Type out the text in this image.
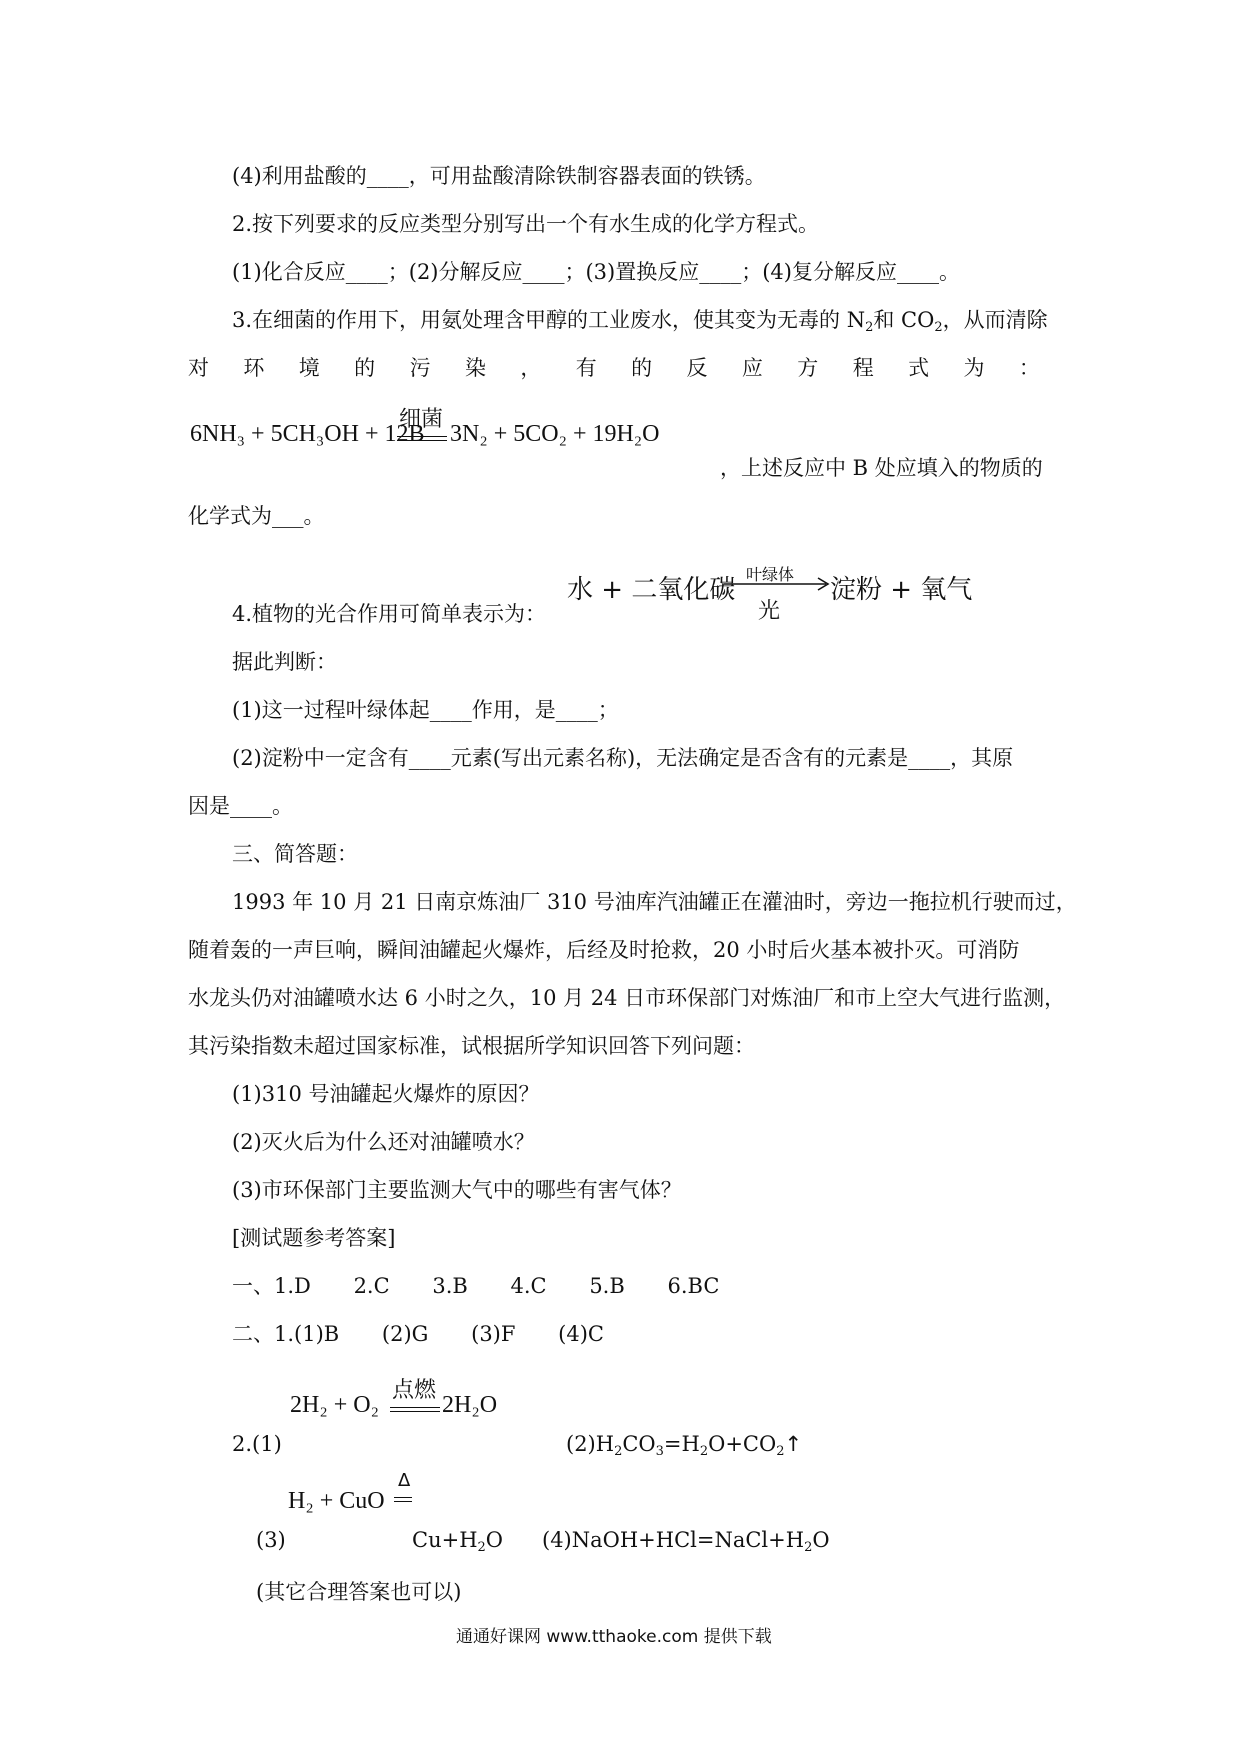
(4)利用盐酸的____，可用盐酸清除铁制容器表面的铁锈。
2.按下列要求的反应类型分别写出一个有水生成的化学方程式。
(1)化合反应____；(2)分解反应____；(3)置换反应____；(4)复分解反应____。
3.在细菌的作用下，用氨处理含甲醇的工业废水，使其变为无毒的 $N_2$和 $CO_2$，从而清除
对 环 境 的 污 染 ， 有 的 反 应 方 程 式 为 ：
6NH₃ + 5CH₃OH + 12B
细菌
3N₂ + 5CO₂ + 19H₂O
，上述反应中 B 处应填入的物质的
化学式为___。
水 + 二氧化碳
叶绿体
光
淀粉 + 氧气
4.植物的光合作用可简单表示为：
据此判断：
(1)这一过程叶绿体起____作用，是____；
(2)淀粉中一定含有____元素(写出元素名称)，无法确定是否含有的元素是____，其原
因是____。
三、简答题：
1993 年 10 月 21 日南京炼油厂 310 号油库汽油罐正在灌油时，旁边一拖拉机行驶而过，
随着轰的一声巨响，瞬间油罐起火爆炸，后经及时抢救，20 小时后火基本被扑灭。可消防
水龙头仍对油罐喷水达 6 小时之久，10 月 24 日市环保部门对炼油厂和市上空大气进行监测，
其污染指数未超过国家标准，试根据所学知识回答下列问题：
(1)310 号油罐起火爆炸的原因？
(2)灭火后为什么还对油罐喷水？
(3)市环保部门主要监测大气中的哪些有害气体？
[测试题参考答案]
一、1.D 2.C 3.B 4.C 5.B 6.BC
二、1.(1)B (2)G (3)F (4)C
2H₂ + O₂
点燃
2H₂O
2.(1)	$(2)H_2CO_3=H_2O+CO_2↑$
H₂ + CuO
Δ
(3)	$Cu+H_2O$ $(4)NaOH+HCl=NaCl+H_2O$
(其它合理答案也可以)
通通好课网 www.tthaoke.com 提供下载
